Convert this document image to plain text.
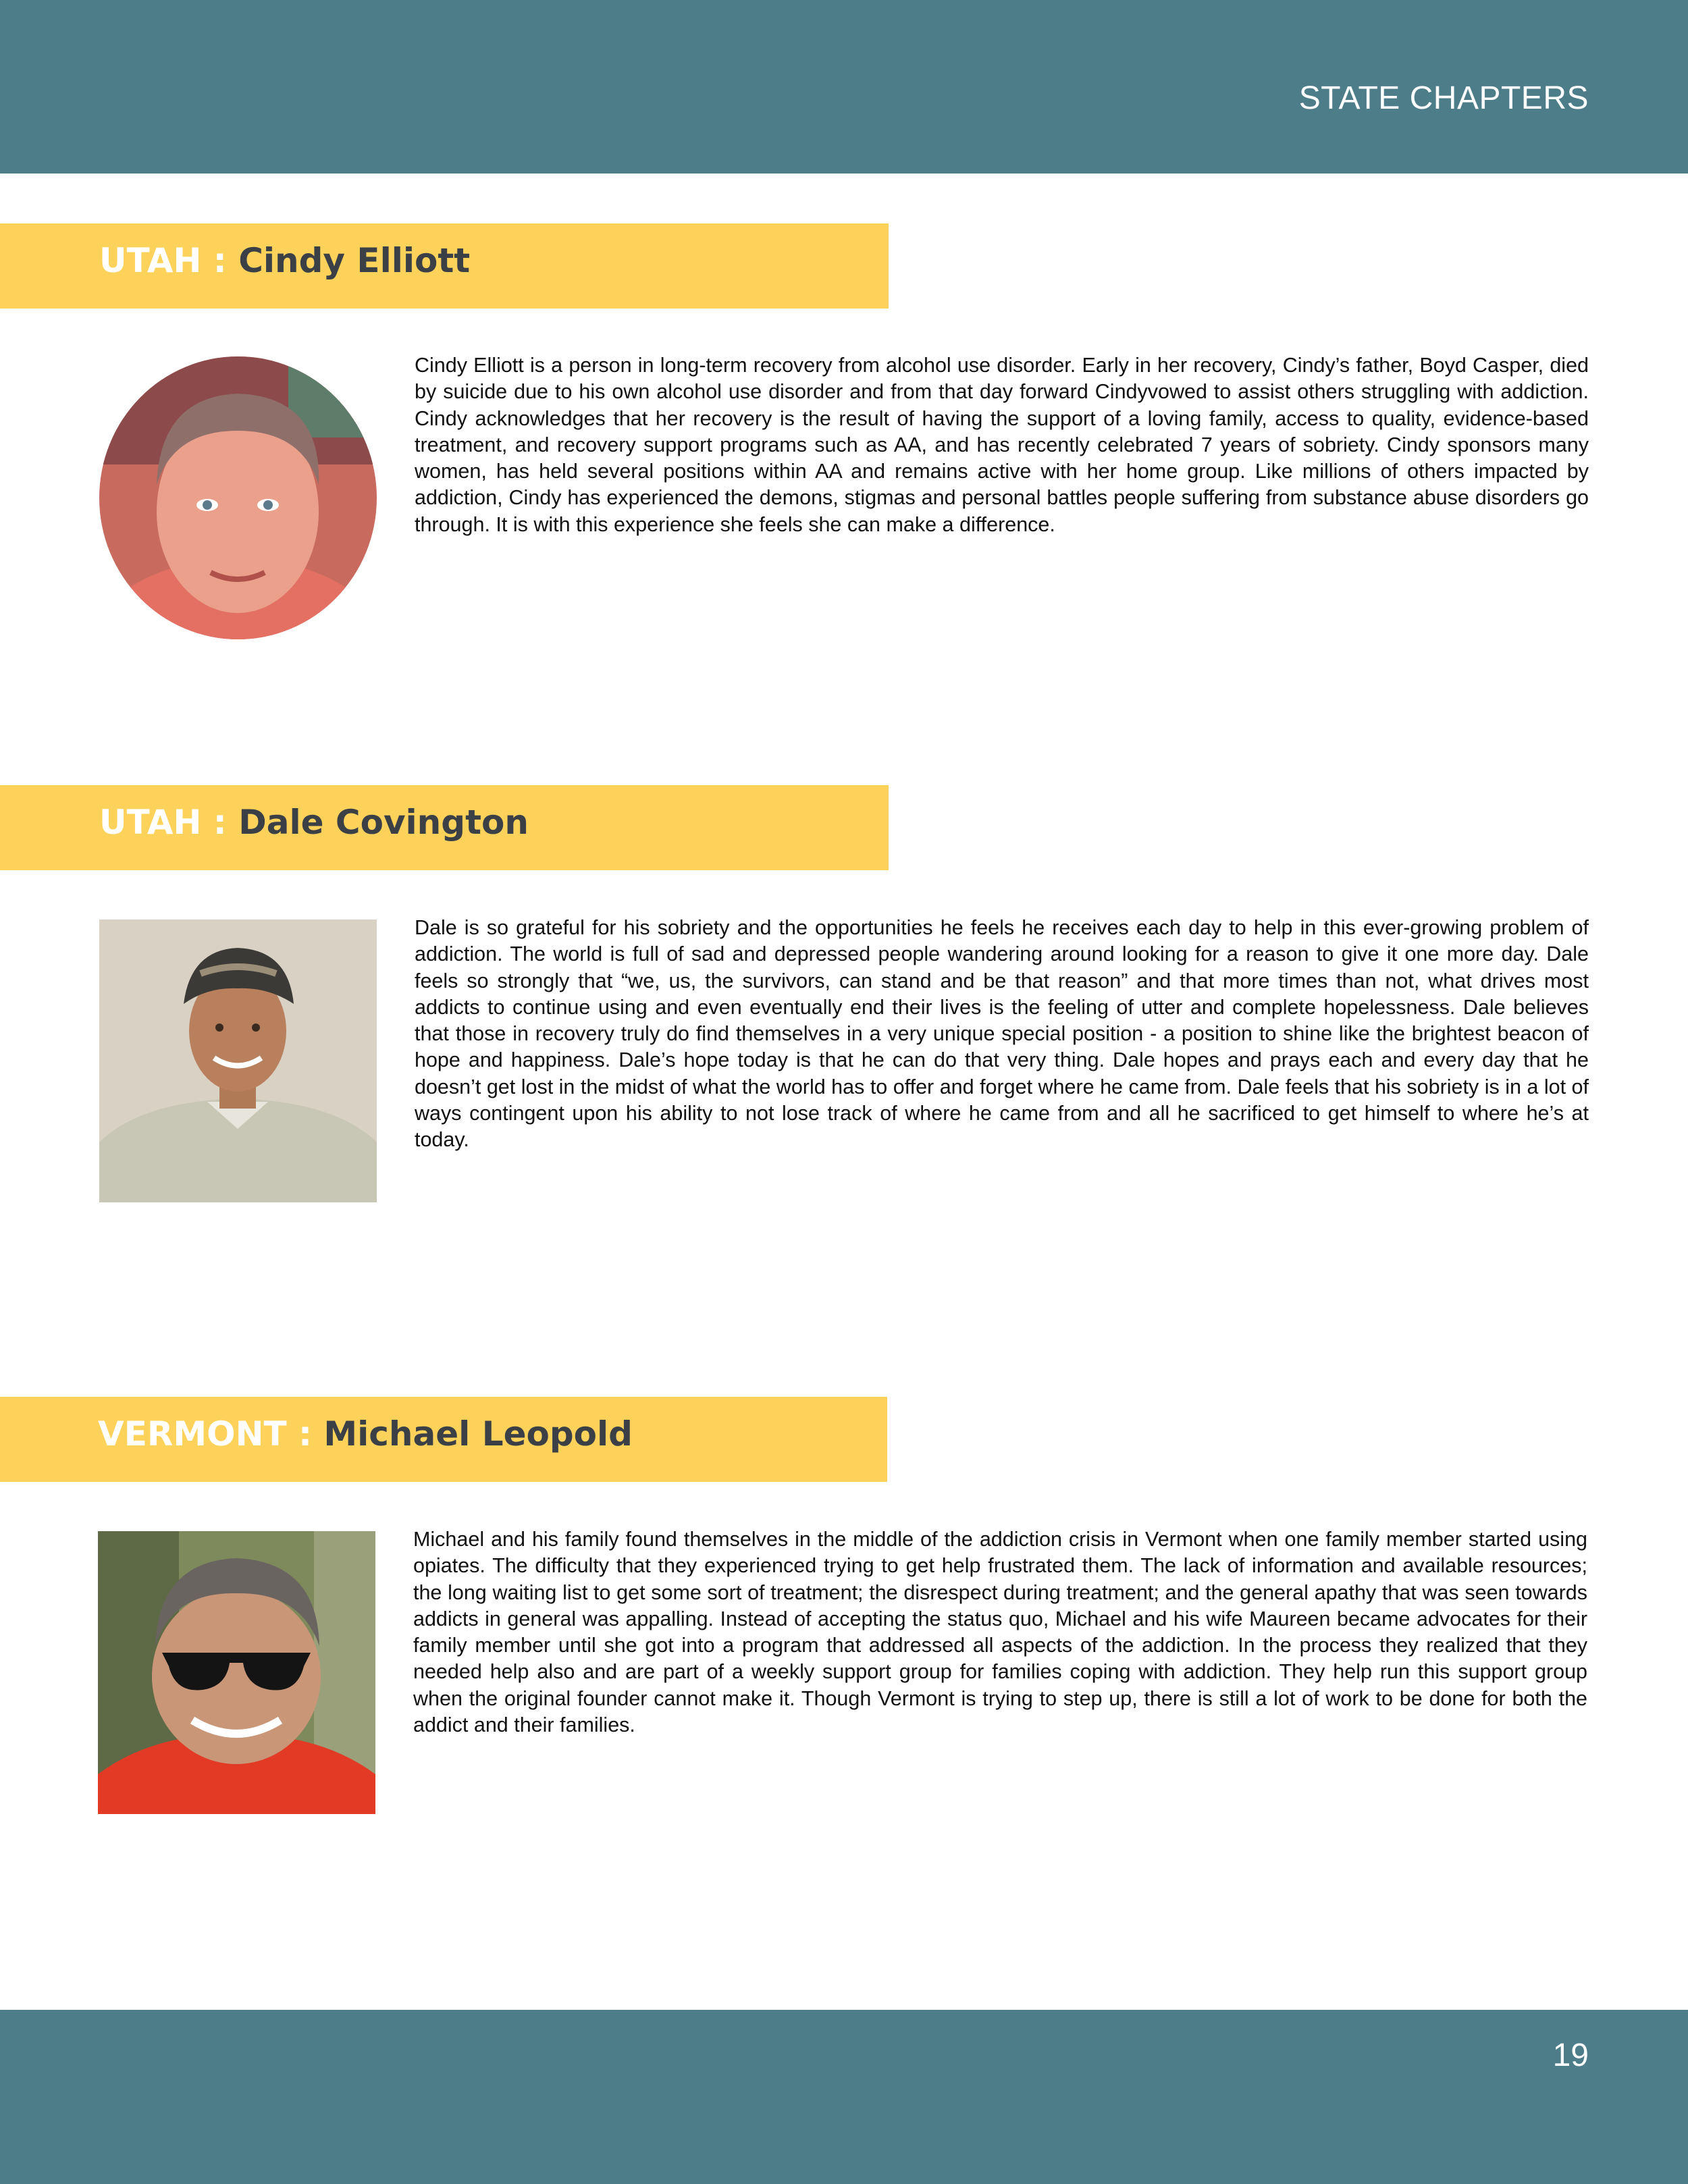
STATE CHAPTERS
UTAH : Cindy Elliott

Cindy Elliott is a person in long-term recovery from alcohol use disorder. Early in her recovery, Cindy’s father, Boyd Casper, died by suicide due to his own alcohol use disorder and from that day forward Cindyvowed to assist others struggling with addiction. Cindy acknowledges that her recovery is the result of having the support of a loving family, access to quality, evidence-based treatment, and recovery support programs such as AA, and has recently celebrated 7 years of sobriety. Cindy sponsors many women, has held several positions within AA and remains active with her home group. Like millions of others impacted by addiction, Cindy has experienced the demons, stigmas and personal battles people suffering from substance abuse disorders go through. It is with this experience she feels she can make a difference.

UTAH : Dale Covington

Dale is so grateful for his sobriety and the opportunities he feels he receives each day to help in this ever-growing problem of addiction. The world is full of sad and depressed people wandering around looking for a reason to give it one more day. Dale feels so strongly that “we, us, the survivors, can stand and be that reason” and that more times than not, what drives most addicts to continue using and even eventually end their lives is the feeling of utter and complete hopelessness. Dale believes that those in recovery truly do find themselves in a very unique special position - a position to shine like the brightest beacon of hope and happiness. Dale’s hope today is that he can do that very thing. Dale hopes and prays each and every day that he doesn’t get lost in the midst of what the world has to offer and forget where he came from. Dale feels that his sobriety is in a lot of ways contingent upon his ability to not lose track of where he came from and all he sacrificed to get himself to where he’s at today.

VERMONT : Michael Leopold

Michael and his family found themselves in the middle of the addiction crisis in Vermont when one family member started using opiates. The difficulty that they experienced trying to get help frustrated them. The lack of information and available resources; the long waiting list to get some sort of treatment; the disrespect during treatment; and the general apathy that was seen towards addicts in general was appalling. Instead of accepting the status quo, Michael and his wife Maureen became advocates for their family member until she got into a program that addressed all aspects of the addiction. In the process they realized that they needed help also and are part of a weekly support group for families coping with addiction. They help run this support group when the original founder cannot make it. Though Vermont is trying to step up, there is still a lot of work to be done for both the addict and their families.

19
